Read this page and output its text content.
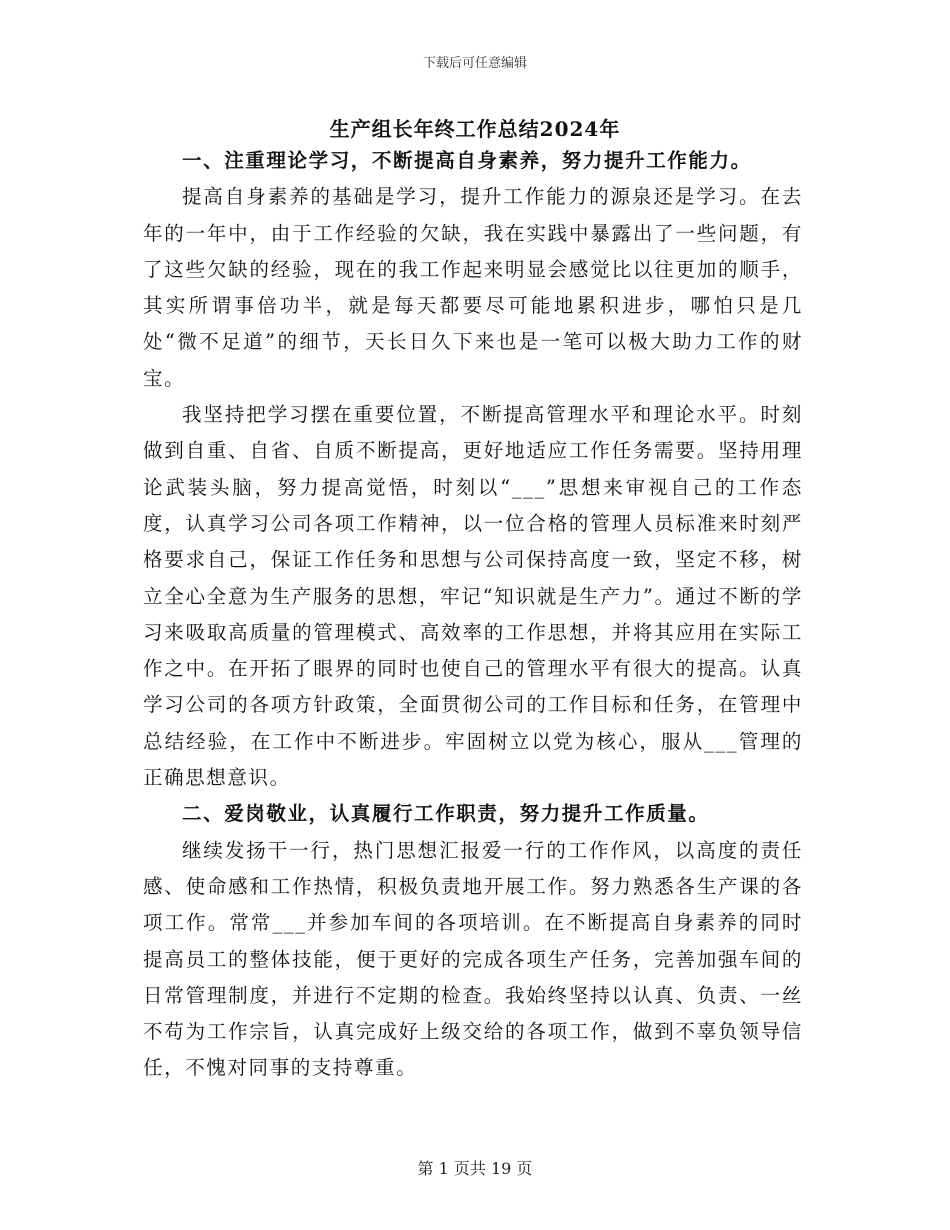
下载后可任意编辑
生产组长年终工作总结2024年

一、注重理论学习，不断提高自身素养，努力提升工作能力。

提高自身素养的基础是学习，提升工作能力的源泉还是学习。在去年的一年中，由于工作经验的欠缺，我在实践中暴露出了一些问题，有了这些欠缺的经验，现在的我工作起来明显会感觉比以往更加的顺手，其实所谓事倍功半，就是每天都要尽可能地累积进步，哪怕只是几处“微不足道”的细节，天长日久下来也是一笔可以极大助力工作的财宝。

我坚持把学习摆在重要位置，不断提高管理水平和理论水平。时刻做到自重、自省、自质不断提高，更好地适应工作任务需要。坚持用理论武装头脑，努力提高觉悟，时刻以“___”思想来审视自己的工作态度，认真学习公司各项工作精神，以一位合格的管理人员标准来时刻严格要求自己，保证工作任务和思想与公司保持高度一致，坚定不移，树立全心全意为生产服务的思想，牢记“知识就是生产力”。通过不断的学习来吸取高质量的管理模式、高效率的工作思想，并将其应用在实际工作之中。在开拓了眼界的同时也使自己的管理水平有很大的提高。认真学习公司的各项方针政策，全面贯彻公司的工作目标和任务，在管理中总结经验，在工作中不断进步。牢固树立以党为核心，服从___管理的正确思想意识。

二、爱岗敬业，认真履行工作职责，努力提升工作质量。

继续发扬干一行，热门思想汇报爱一行的工作作风，以高度的责任感、使命感和工作热情，积极负责地开展工作。努力熟悉各生产课的各项工作。常常___并参加车间的各项培训。在不断提高自身素养的同时提高员工的整体技能，便于更好的完成各项生产任务，完善加强车间的日常管理制度，并进行不定期的检查。我始终坚持以认真、负责、一丝不苟为工作宗旨，认真完成好上级交给的各项工作，做到不辜负领导信任，不愧对同事的支持尊重。

第 1 页共 19 页
